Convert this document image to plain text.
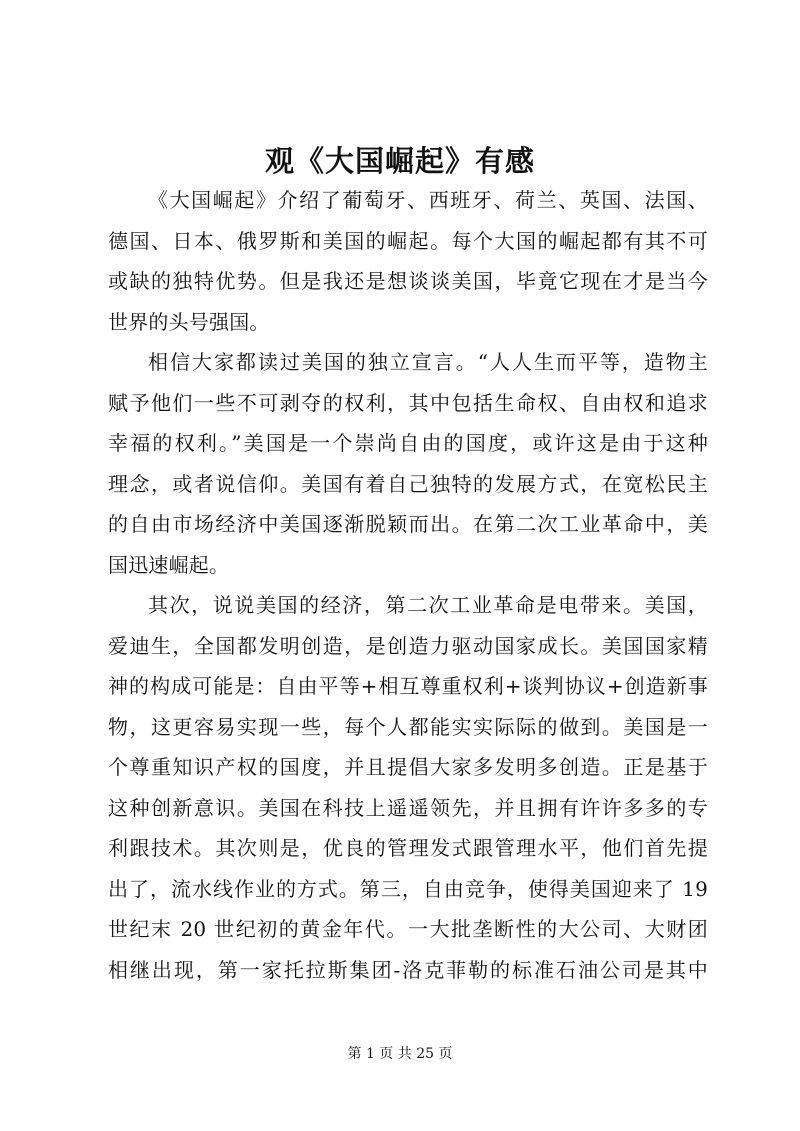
观《大国崛起》有感
《大国崛起》介绍了葡萄牙、西班牙、荷兰、英国、法国、
德国、日本、俄罗斯和美国的崛起。每个大国的崛起都有其不可
或缺的独特优势。但是我还是想谈谈美国，毕竟它现在才是当今
世界的头号强国。
相信大家都读过美国的独立宣言。“人人生而平等，造物主
赋予他们一些不可剥夺的权利，其中包括生命权、自由权和追求
幸福的权利。”美国是一个崇尚自由的国度，或许这是由于这种
理念，或者说信仰。美国有着自己独特的发展方式，在宽松民主
的自由市场经济中美国逐渐脱颖而出。在第二次工业革命中，美
国迅速崛起。
其次，说说美国的经济，第二次工业革命是电带来。美国，
爱迪生，全国都发明创造，是创造力驱动国家成长。美国国家精
神的构成可能是：自由平等+相互尊重权利+谈判协议+创造新事
物，这更容易实现一些，每个人都能实实际际的做到。美国是一
个尊重知识产权的国度，并且提倡大家多发明多创造。正是基于
这种创新意识。美国在科技上遥遥领先，并且拥有许许多多的专
利跟技术。其次则是，优良的管理发式跟管理水平，他们首先提
出了，流水线作业的方式。第三，自由竞争，使得美国迎来了 19
世纪末 20 世纪初的黄金年代。一大批垄断性的大公司、大财团
相继出现，第一家托拉斯集团-洛克菲勒的标准石油公司是其中
第 1 页 共 25 页
